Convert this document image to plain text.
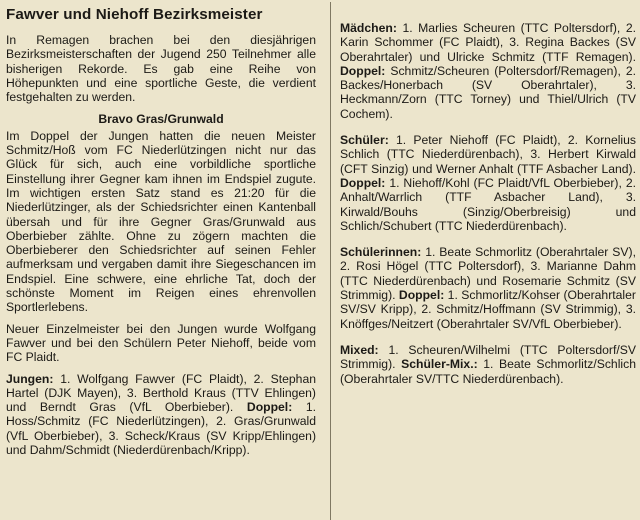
Fawver und Niehoff Bezirksmeister
In Remagen brachen bei den diesjährigen Bezirksmeisterschaften der Jugend 250 Teilnehmer alle bisherigen Rekorde. Es gab eine Reihe von Höhepunkten und eine sportliche Geste, die verdient festgehalten zu werden.
Bravo Gras/Grunwald

Im Doppel der Jungen hatten die neuen Meister Schmitz/Hoß vom FC Niederlützingen nicht nur das Glück für sich, auch eine vorbildliche sportliche Einstellung ihrer Gegner kam ihnen im Endspiel zugute. Im wichtigen ersten Satz stand es 21:20 für die Niederlützinger, als der Schiedsrichter einen Kantenball übersah und für ihre Gegner Gras/Grunwald aus Oberbieber zählte. Ohne zu zögern machten die Oberbieberer den Schiedsrichter auf seinen Fehler aufmerksam und vergaben damit ihre Siegeschancen im Endspiel. Eine schwere, eine ehrliche Tat, doch der schönste Moment im Reigen eines ehrenvollen Sportlerlebens.

Neuer Einzelmeister bei den Jungen wurde Wolfgang Fawver und bei den Schülern Peter Niehoff, beide vom FC Plaidt.

Jungen: 1. Wolfgang Fawver (FC Plaidt), 2. Stephan Hartel (DJK Mayen), 3. Berthold Kraus (TTV Ehlingen) und Berndt Gras (VfL Oberbieber). Doppel: 1. Hoss/Schmitz (FC Niederlützingen), 2. Gras/Grunwald (VfL Oberbieber), 3. Scheck/Kraus (SV Kripp/Ehlingen) und Dahm/Schmidt (Niederdürenbach/Kripp).
Mädchen: 1. Marlies Scheuren (TTC Poltersdorf), 2. Karin Schommer (FC Plaidt), 3. Regina Backes (SV Oberahrtaler) und Ulricke Schmitz (TTF Remagen). Doppel: Schmitz/Scheuren (Poltersdorf/Remagen), 2. Backes/Honerbach (SV Oberahrtaler), 3. Heckmann/Zorn (TTC Torney) und Thiel/Ulrich (TV Cochem).
Schüler: 1. Peter Niehoff (FC Plaidt), 2. Kornelius Schlich (TTC Niederdürenbach), 3. Herbert Kirwald (CFT Sinzig) und Werner Anhalt (TTF Asbacher Land). Doppel: 1. Niehoff/Kohl (FC Plaidt/VfL Oberbieber), 2. Anhalt/Warrlich (TTF Asbacher Land), 3. Kirwald/Bouhs (Sinzig/Oberbreisig) und Schlich/Schubert (TTC Niederdürenbach).
Schülerinnen: 1. Beate Schmorlitz (Oberahrtaler SV), 2. Rosi Högel (TTC Poltersdorf), 3. Marianne Dahm (TTC Niederdürenbach) und Rosemarie Schmitz (SV Strimmig). Doppel: 1. Schmorlitz/Kohser (Oberahrtaler SV/SV Kripp), 2. Schmitz/Hoffmann (SV Strimmig), 3. Knöffges/Neitzert (Oberahrtaler SV/VfL Oberbieber).
Mixed: 1. Scheuren/Wilhelmi (TTC Poltersdorf/SV Strimmig). Schüler-Mix.: 1. Beate Schmorlitz/Schlich (Oberahrtaler SV/TTC Niederdürenbach).
